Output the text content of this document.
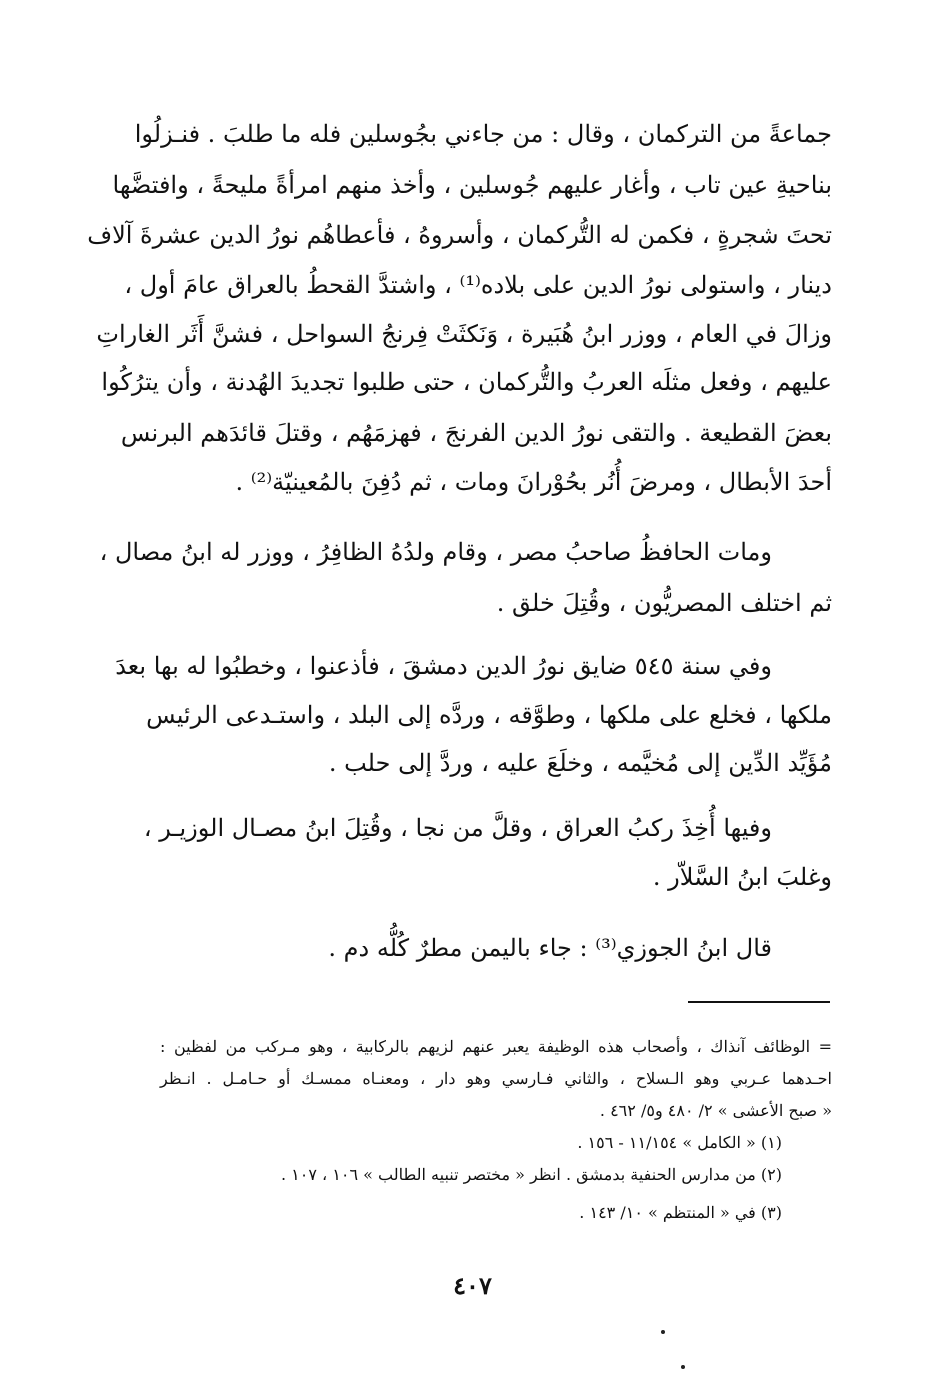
جماعةً من التركمان ، وقال : من جاءني بجُوسلين فله ما طلبَ . فنـزلُوا
بناحيةِ عين تاب ، وأغار عليهم جُوسلين ، وأخذ منهم امرأةً مليحةً ، وافتضَّها
تحتَ شجرةٍ ، فكمن له التُّركمان ، وأسروهُ ، فأعطاهُم نورُ الدين عشرةَ آلاف
دينار ، واستولى نورُ الدين على بلاده⁽¹⁾ ، واشتدَّ القحطُ بالعراق عامَ أول ،
وزالَ في العام ، ووزر ابنُ هُبَيرة ، وَنَكثَتْ فِرنجُ السواحل ، فشنَّ أَثَر الغاراتِ
عليهم ، وفعل مثلَه العربُ والتُّركمان ، حتى طلبوا تجديدَ الهُدنة ، وأن يترُكُوا
بعضَ القطيعة . والتقى نورُ الدين الفرنجَ ، فهزمَهُم ، وقتلَ قائدَهم البرنس
أحدَ الأبطال ، ومرضَ أُنُر بحُوْرانَ ومات ، ثم دُفِنَ بالمُعينيّة⁽²⁾ .
ومات الحافظُ صاحبُ مصر ، وقام ولدُهُ الظافِرُ ، ووزر له ابنُ مصال ،
ثم اختلف المصريُّون ، وقُتِلَ خلق .
وفي سنة ٥٤٥ ضايق نورُ الدين دمشقَ ، فأذعنوا ، وخطبُوا له بها بعدَ
ملكها ، فخلع على ملكها ، وطوَّقه ، وردَّه إلى البلد ، واستـدعى الرئيس
مُؤَيِّد الدِّين إلى مُخيَّمه ، وخلَعَ عليه ، وردَّ إلى حلب .
وفيها أُخِذَ ركبُ العراق ، وقلَّ من نجا ، وقُتِلَ ابنُ مصـال الوزيـر ،
وغلبَ ابنُ السَّلاّر .
قال ابنُ الجوزي⁽³⁾ : جاء باليمن مطرٌ كُلُّه دم .
= الوظائف آنذاك ، وأصحاب هذه الوظيفة يعبر عنهم لزيهم بالركابية ، وهو مـركب من لفظين :
احـدهما عـربي وهو الـسلاح ، والثاني فـارسي وهو دار ، ومعنـاه ممسـك أو حـامـل . انـظر
« صبح الأعشى » ٢/ ٤٨٠ و٥/ ٤٦٢ .
(١) « الكامل » ١١/١٥٤ - ١٥٦ .
(٢) من مدارس الحنفية بدمشق . انظر « مختصر تنبيه الطالب » ١٠٦ ، ١٠٧ .
(٣) في « المنتظم » ١٠/ ١٤٣ .
٤٠٧
